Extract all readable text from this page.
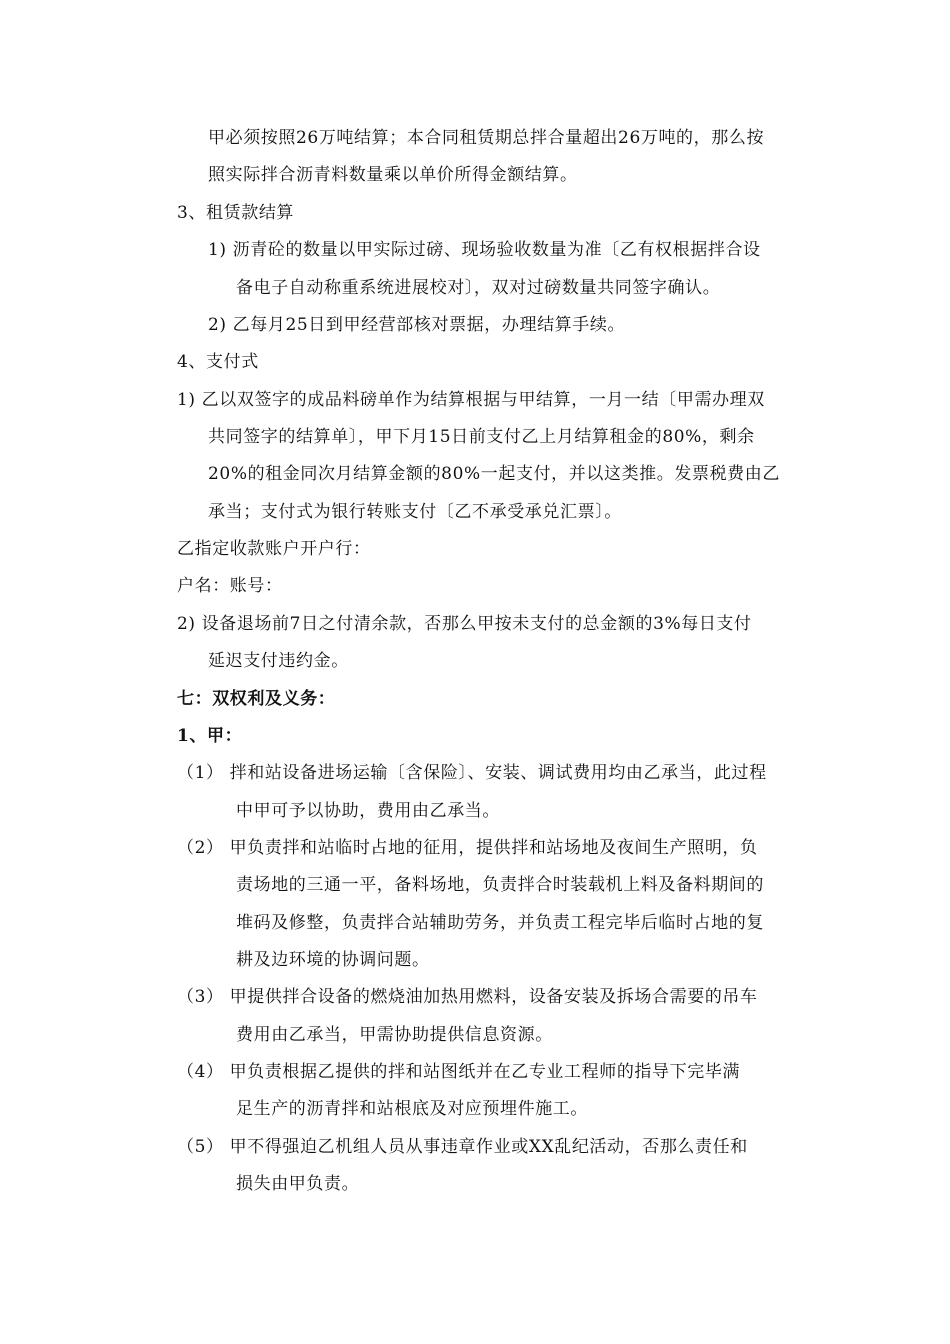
甲必须按照26万吨结算；本合同租赁期总拌合量超出26万吨的，那么按
照实际拌合沥青料数量乘以单价所得金额结算。
3、租赁款结算
1) 沥青砼的数量以甲实际过磅、现场验收数量为准〔乙有权根据拌合设
备电子自动称重系统进展校对〕，双对过磅数量共同签字确认。
2) 乙每月25日到甲经营部核对票据，办理结算手续。
4、支付式
1) 乙以双签字的成品料磅单作为结算根据与甲结算，一月一结〔甲需办理双
共同签字的结算单〕，甲下月15日前支付乙上月结算租金的80%，剩余
20%的租金同次月结算金额的80%一起支付，并以这类推。发票税费由乙
承当；支付式为银行转账支付〔乙不承受承兑汇票〕。
乙指定收款账户开户行：
户名：账号：
2) 设备退场前7日之付清余款，否那么甲按未支付的总金额的3%每日支付
延迟支付违约金。
七：双权利及义务：
1、甲：
（1） 拌和站设备进场运输〔含保险〕、安装、调试费用均由乙承当，此过程
中甲可予以协助，费用由乙承当。
（2） 甲负责拌和站临时占地的征用，提供拌和站场地及夜间生产照明，负
责场地的三通一平，备料场地，负责拌合时装载机上料及备料期间的
堆码及修整，负责拌合站辅助劳务，并负责工程完毕后临时占地的复
耕及边环境的协调问题。
（3） 甲提供拌合设备的燃烧油加热用燃料，设备安装及拆场合需要的吊车
费用由乙承当，甲需协助提供信息资源。
（4） 甲负责根据乙提供的拌和站图纸并在乙专业工程师的指导下完毕满
足生产的沥青拌和站根底及对应预埋件施工。
（5） 甲不得强迫乙机组人员从事违章作业或XX乱纪活动，否那么责任和
损失由甲负责。
